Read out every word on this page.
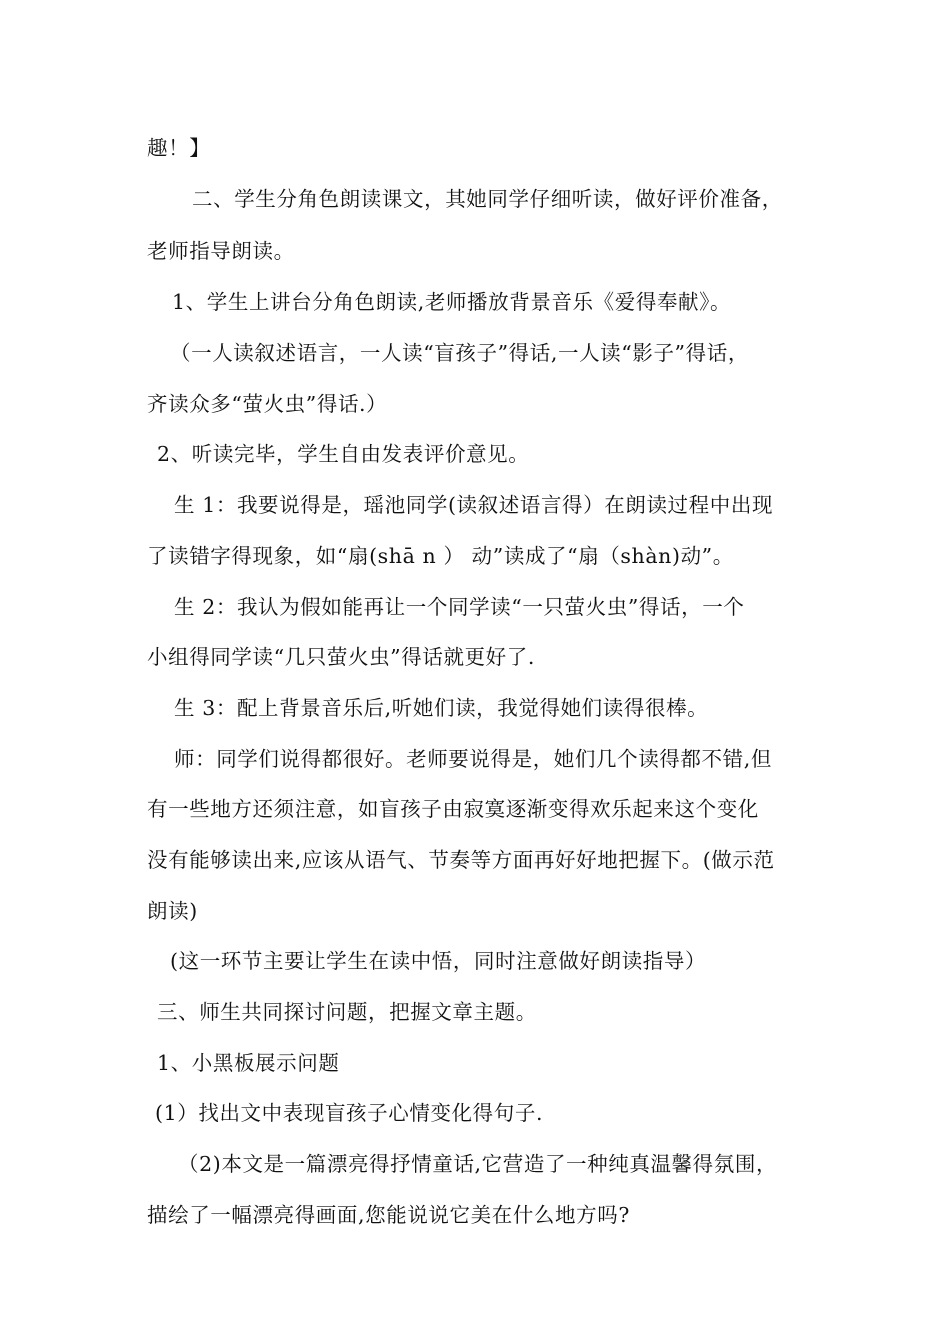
趣！】
二、学生分角色朗读课文，其她同学仔细听读，做好评价准备，
老师指导朗读。
1、学生上讲台分角色朗读,老师播放背景音乐《爱得奉献》。
（一人读叙述语言，一人读“盲孩子”得话,一人读“影子”得话，
齐读众多“萤火虫”得话.）
2、听读完毕，学生自由发表评价意见。
生 1：我要说得是，瑶池同学(读叙述语言得）在朗读过程中出现
了读错字得现象，如“扇(shā n ） 动”读成了“扇（shàn)动”。
生 2：我认为假如能再让一个同学读“一只萤火虫”得话，一个
小组得同学读“几只萤火虫”得话就更好了.
生 3：配上背景音乐后,听她们读，我觉得她们读得很棒。
师：同学们说得都很好。老师要说得是，她们几个读得都不错,但
有一些地方还须注意，如盲孩子由寂寞逐渐变得欢乐起来这个变化
没有能够读出来,应该从语气、节奏等方面再好好地把握下。(做示范
朗读)
(这一环节主要让学生在读中悟，同时注意做好朗读指导）
三、师生共同探讨问题，把握文章主题。
1、小黑板展示问题
(1）找出文中表现盲孩子心情变化得句子.
（2)本文是一篇漂亮得抒情童话,它营造了一种纯真温馨得氛围，
描绘了一幅漂亮得画面,您能说说它美在什么地方吗?
